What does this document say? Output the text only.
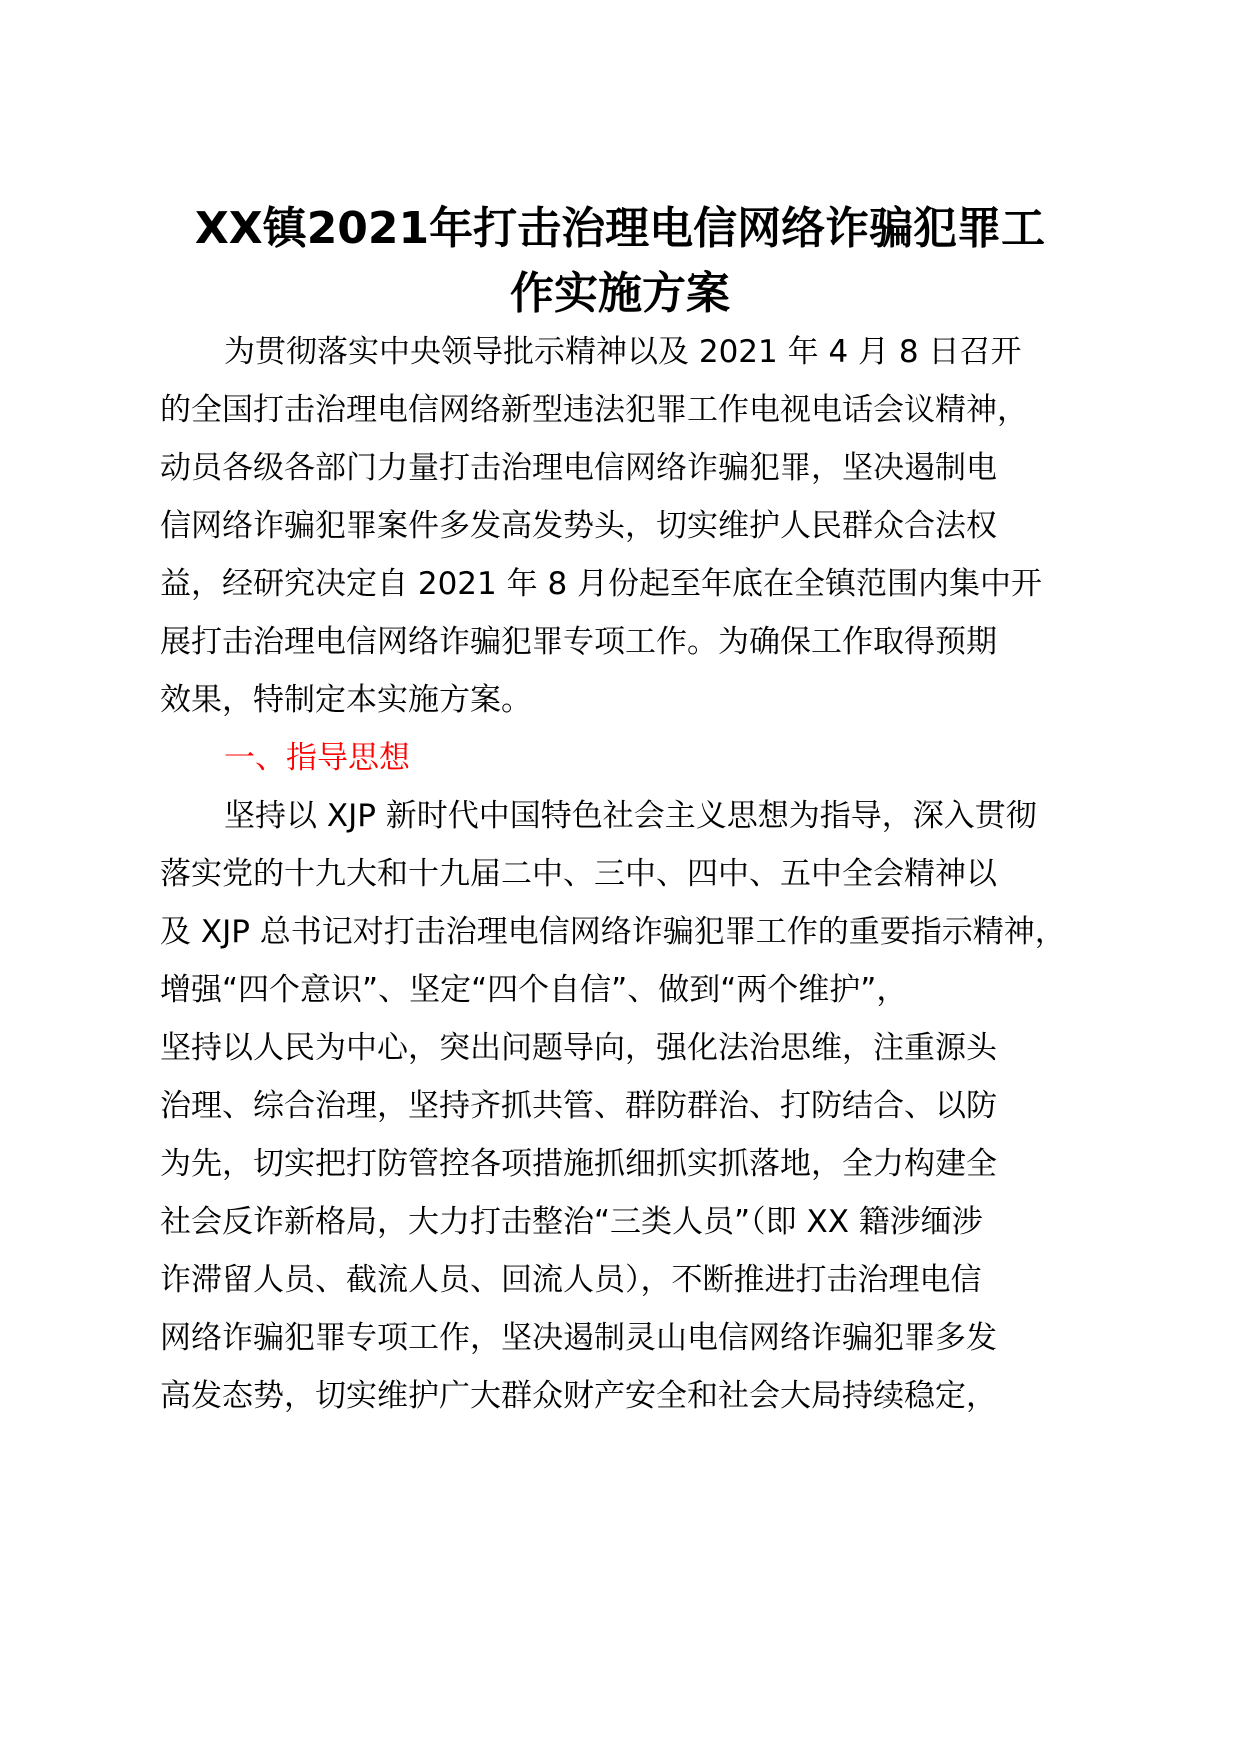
XX镇2021年打击治理电信网络诈骗犯罪工
作实施方案
为贯彻落实中央领导批示精神以及 2021 年 4 月 8 日召开
的全国打击治理电信网络新型违法犯罪工作电视电话会议精神，
动员各级各部门力量打击治理电信网络诈骗犯罪，坚决遏制电
信网络诈骗犯罪案件多发高发势头，切实维护人民群众合法权
益，经研究决定自 2021 年 8 月份起至年底在全镇范围内集中开
展打击治理电信网络诈骗犯罪专项工作。为确保工作取得预期
效果，特制定本实施方案。
一、指导思想
坚持以 XJP 新时代中国特色社会主义思想为指导，深入贯彻
落实党的十九大和十九届二中、三中、四中、五中全会精神以
及 XJP 总书记对打击治理电信网络诈骗犯罪工作的重要指示精神，
增强“四个意识”、坚定“四个自信”、做到“两个维护”，
坚持以人民为中心，突出问题导向，强化法治思维，注重源头
治理、综合治理，坚持齐抓共管、群防群治、打防结合、以防
为先，切实把打防管控各项措施抓细抓实抓落地，全力构建全
社会反诈新格局，大力打击整治“三类人员”（即 XX 籍涉缅涉
诈滞留人员、截流人员、回流人员），不断推进打击治理电信
网络诈骗犯罪专项工作，坚决遏制灵山电信网络诈骗犯罪多发
高发态势，切实维护广大群众财产安全和社会大局持续稳定，
